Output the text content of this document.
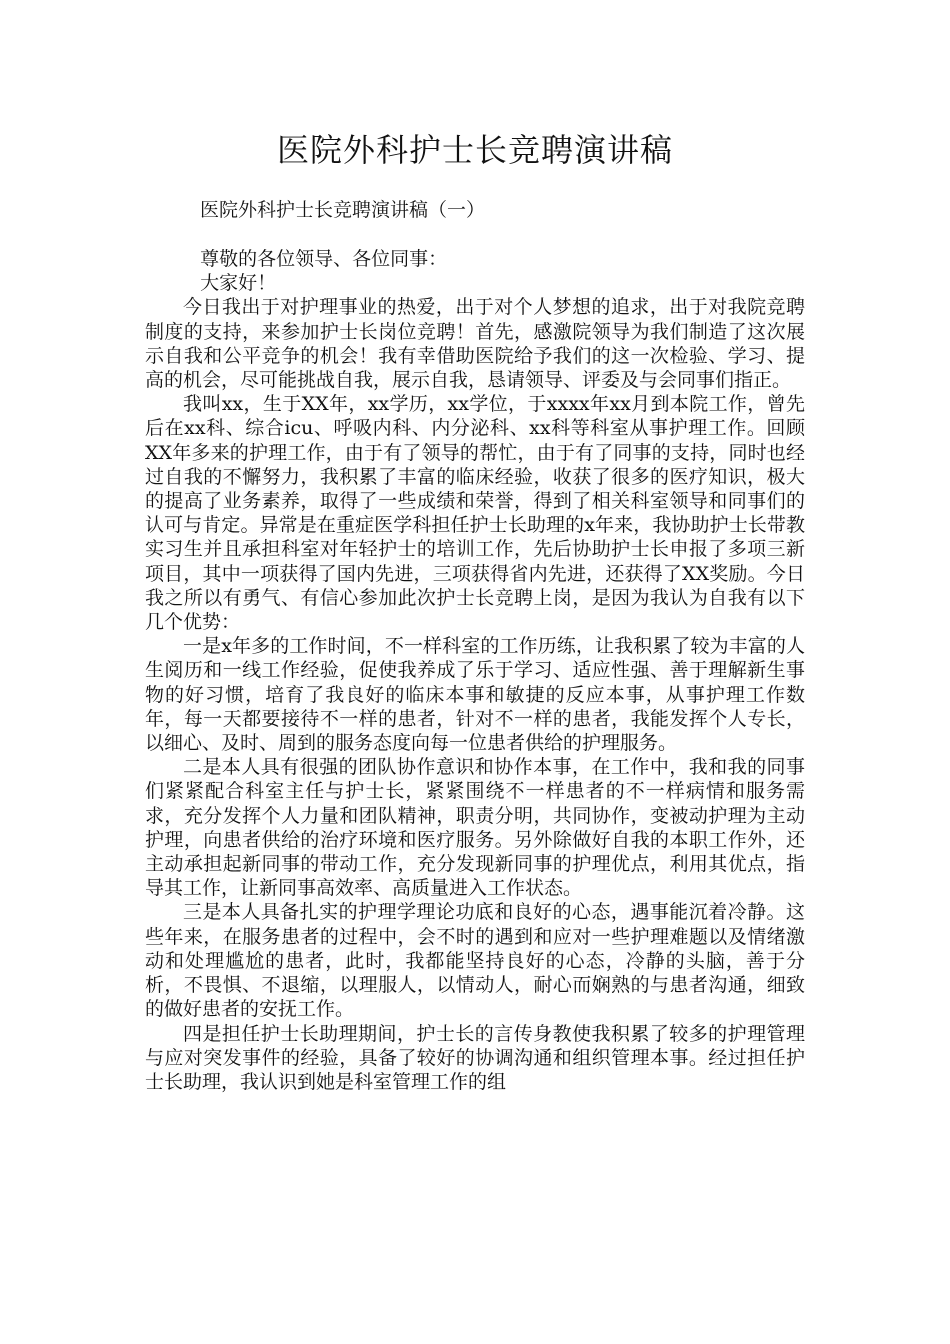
医院外科护士长竞聘演讲稿

医院外科护士长竞聘演讲稿（一）

尊敬的各位领导、各位同事：

大家好！

今日我出于对护理事业的热爱，出于对个人梦想的追求，出于对我院竞聘制度的支持，来参加护士长岗位竞聘！首先，感激院领导为我们制造了这次展示自我和公平竞争的机会！我有幸借助医院给予我们的这一次检验、学习、提高的机会，尽可能挑战自我，展示自我，恳请领导、评委及与会同事们指正。

我叫xx，生于XX年，xx学历，xx学位，于xxxx年xx月到本院工作，曾先后在xx科、综合icu、呼吸内科、内分泌科、xx科等科室从事护理工作。回顾XX年多来的护理工作，由于有了领导的帮忙，由于有了同事的支持，同时也经过自我的不懈努力，我积累了丰富的临床经验，收获了很多的医疗知识，极大的提高了业务素养，取得了一些成绩和荣誉，得到了相关科室领导和同事们的认可与肯定。异常是在重症医学科担任护士长助理的x年来，我协助护士长带教实习生并且承担科室对年轻护士的培训工作，先后协助护士长申报了多项三新项目，其中一项获得了国内先进，三项获得省内先进，还获得了XX奖励。今日我之所以有勇气、有信心参加此次护士长竞聘上岗，是因为我认为自我有以下几个优势：

一是x年多的工作时间，不一样科室的工作历练，让我积累了较为丰富的人生阅历和一线工作经验，促使我养成了乐于学习、适应性强、善于理解新生事物的好习惯，培育了我良好的临床本事和敏捷的反应本事，从事护理工作数年，每一天都要接待不一样的患者，针对不一样的患者，我能发挥个人专长，以细心、及时、周到的服务态度向每一位患者供给的护理服务。

二是本人具有很强的团队协作意识和协作本事，在工作中，我和我的同事们紧紧配合科室主任与护士长，紧紧围绕不一样患者的不一样病情和服务需求，充分发挥个人力量和团队精神，职责分明，共同协作，变被动护理为主动护理，向患者供给的治疗环境和医疗服务。另外除做好自我的本职工作外，还主动承担起新同事的带动工作，充分发现新同事的护理优点，利用其优点，指导其工作，让新同事高效率、高质量进入工作状态。

三是本人具备扎实的护理学理论功底和良好的心态，遇事能沉着冷静。这些年来，在服务患者的过程中，会不时的遇到和应对一些护理难题以及情绪激动和处理尴尬的患者，此时，我都能坚持良好的心态，冷静的头脑，善于分析，不畏惧、不退缩，以理服人，以情动人，耐心而娴熟的与患者沟通，细致的做好患者的安抚工作。

四是担任护士长助理期间，护士长的言传身教使我积累了较多的护理管理与应对突发事件的经验，具备了较好的协调沟通和组织管理本事。经过担任护士长助理，我认识到她是科室管理工作的组
